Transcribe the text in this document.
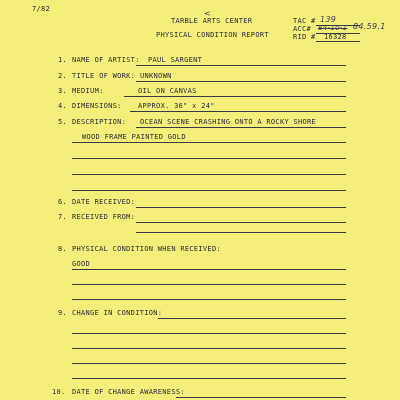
7/82	<
TARBLE ARTS CENTER
PHYSICAL CONDITION REPORT
TAC # 139
ACC# 84-10-1 84.59.1
RID # 16328
1. NAME OF ARTIST: PAUL SARGENT
2. TITLE OF WORK: UNKNOWN
3. MEDIUM:	OIL ON CANVAS
4. DIMENSIONS: APPROX. 36" x 24"
5. DESCRIPTION: OCEAN SCENE CRASHING ONTO A ROCKY SHORE
WOOD FRAME PAINTED GOLD
6. DATE RECEIVED:
7. RECEIVED FROM:
8. PHYSICAL CONDITION WHEN RECEIVED:
GOOD
9. CHANGE IN CONDITION:
10. DATE OF CHANGE AWARENESS:
